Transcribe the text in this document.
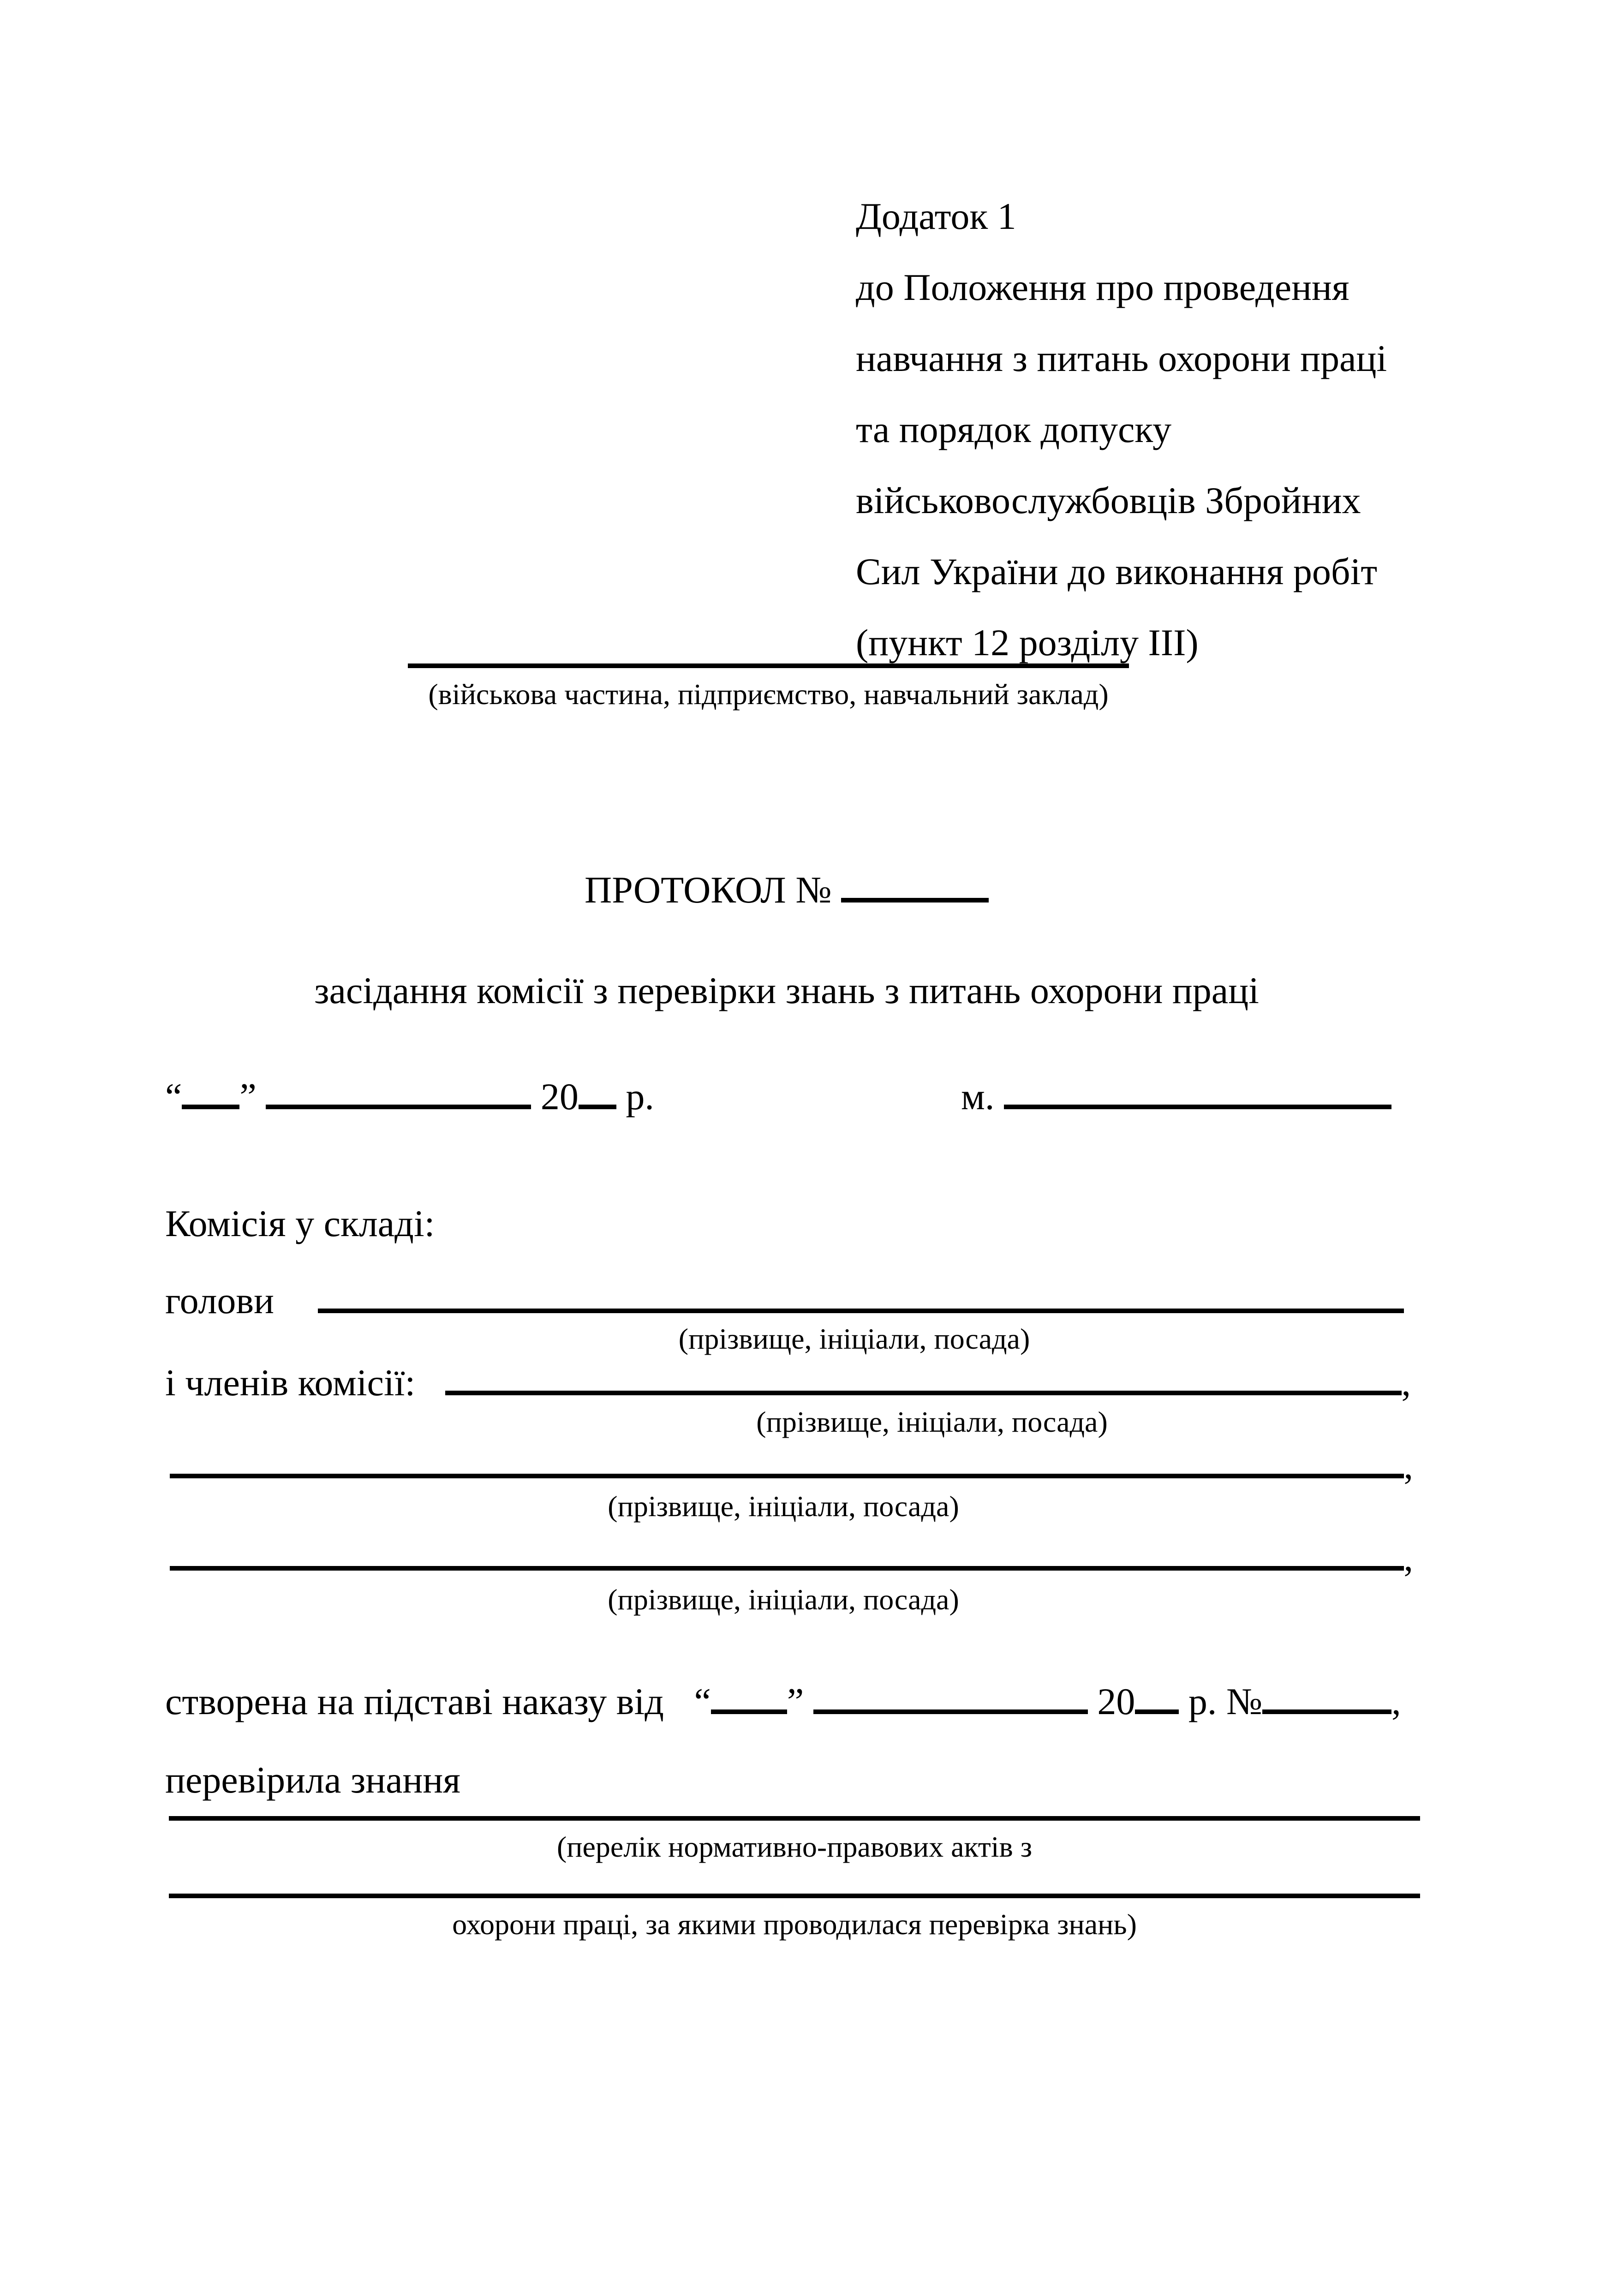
Додаток 1
до Положення про проведення
навчання з питань охорони праці
та порядок допуску
військовослужбовців Збройних
Сил України до виконання робіт
(пункт 12 розділу III)
(військова частина, підприємство, навчальний заклад)
ПРОТОКОЛ №
засідання комісії з перевірки знань з питань охорони праці
“ ”	20 р.	м.
Комісія у складі:
голови
(прізвище, ініціали, посада)
і членів комісії:	,
(прізвище, ініціали, посада)
,
(прізвище, ініціали, посада)
,
(прізвище, ініціали, посада)
створена на підставі наказу від “ ”	20 р. №	,
перевірила знання
(перелік нормативно-правових актів з
охорони праці, за якими проводилася перевірка знань)
